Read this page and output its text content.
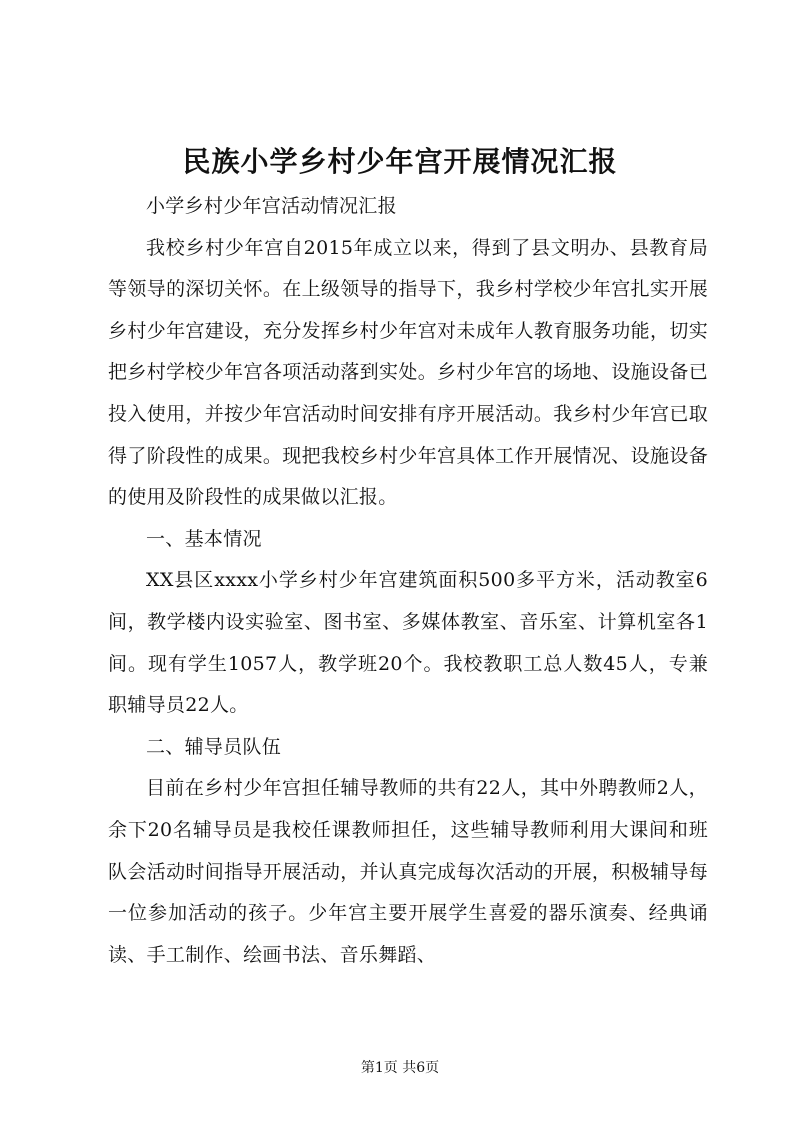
民族小学乡村少年宫开展情况汇报

小学乡村少年宫活动情况汇报

我校乡村少年宫自2015年成立以来，得到了县文明办、县教育局等领导的深切关怀。在上级领导的指导下，我乡村学校少年宫扎实开展乡村少年宫建设，充分发挥乡村少年宫对未成年人教育服务功能，切实把乡村学校少年宫各项活动落到实处。乡村少年宫的场地、设施设备已投入使用，并按少年宫活动时间安排有序开展活动。我乡村少年宫已取得了阶段性的成果。现把我校乡村少年宫具体工作开展情况、设施设备的使用及阶段性的成果做以汇报。

一、基本情况

XX县区xxxx小学乡村少年宫建筑面积500多平方米，活动教室6间，教学楼内设实验室、图书室、多媒体教室、音乐室、计算机室各1间。现有学生1057人，教学班20个。我校教职工总人数45人，专兼职辅导员22人。

二、辅导员队伍

目前在乡村少年宫担任辅导教师的共有22人，其中外聘教师2人，余下20名辅导员是我校任课教师担任，这些辅导教师利用大课间和班队会活动时间指导开展活动，并认真完成每次活动的开展，积极辅导每一位参加活动的孩子。少年宫主要开展学生喜爱的器乐演奏、经典诵读、手工制作、绘画书法、音乐舞蹈、

第1页 共6页
